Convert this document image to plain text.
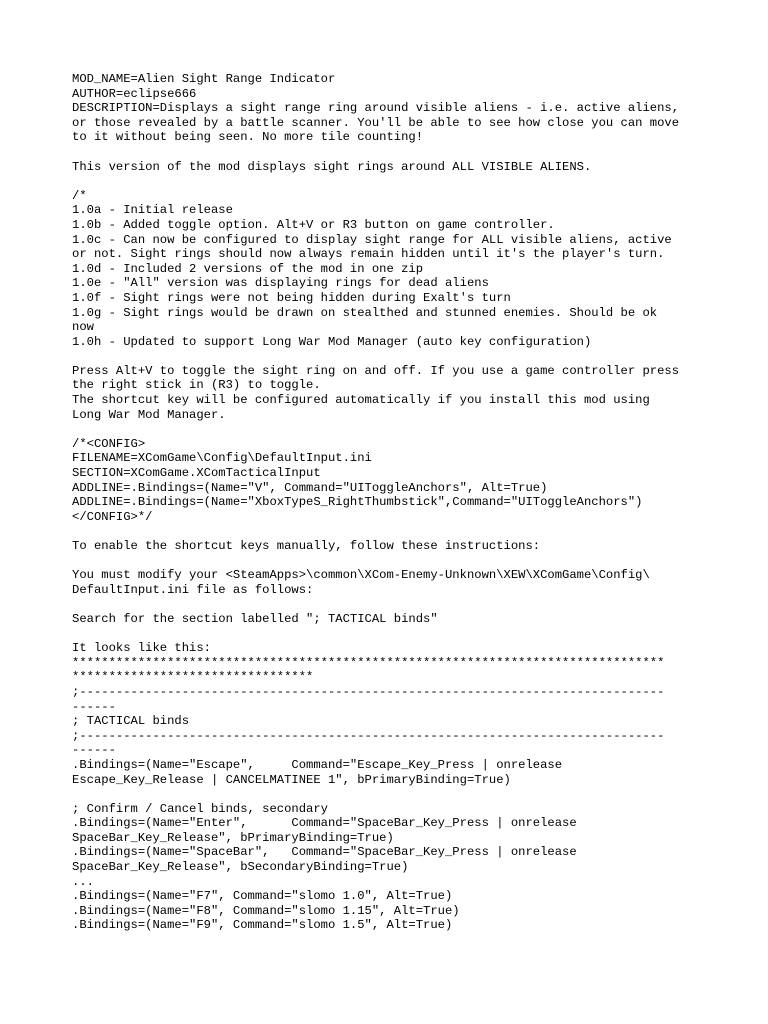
MOD_NAME=Alien Sight Range Indicator
AUTHOR=eclipse666
DESCRIPTION=Displays a sight range ring around visible aliens - i.e. active aliens,
or those revealed by a battle scanner. You'll be able to see how close you can move
to it without being seen. No more tile counting!
This version of the mod displays sight rings around ALL VISIBLE ALIENS.
/*
1.0a - Initial release
1.0b - Added toggle option. Alt+V or R3 button on game controller.
1.0c - Can now be configured to display sight range for ALL visible aliens, active
or not. Sight rings should now always remain hidden until it's the player's turn.
1.0d - Included 2 versions of the mod in one zip
1.0e - "All" version was displaying rings for dead aliens
1.0f - Sight rings were not being hidden during Exalt's turn
1.0g - Sight rings would be drawn on stealthed and stunned enemies. Should be ok
now
1.0h - Updated to support Long War Mod Manager (auto key configuration)
Press Alt+V to toggle the sight ring on and off. If you use a game controller press
the right stick in (R3) to toggle.
The shortcut key will be configured automatically if you install this mod using
Long War Mod Manager.
/*<CONFIG>
FILENAME=XComGame\Config\DefaultInput.ini
SECTION=XComGame.XComTacticalInput
ADDLINE=.Bindings=(Name="V", Command="UIToggleAnchors", Alt=True)
ADDLINE=.Bindings=(Name="XboxTypeS_RightThumbstick",Command="UIToggleAnchors")
</CONFIG>*/
To enable the shortcut keys manually, follow these instructions:
You must modify your <SteamApps>\common\XCom-Enemy-Unknown\XEW\XComGame\Config\
DefaultInput.ini file as follows:
Search for the section labelled "; TACTICAL binds"
It looks like this:
*********************************************************************************
*********************************
;--------------------------------------------------------------------------------
------
; TACTICAL binds
;--------------------------------------------------------------------------------
------
.Bindings=(Name="Escape",     Command="Escape_Key_Press | onrelease
Escape_Key_Release | CANCELMATINEE 1", bPrimaryBinding=True)
; Confirm / Cancel binds, secondary
.Bindings=(Name="Enter",      Command="SpaceBar_Key_Press | onrelease
SpaceBar_Key_Release", bPrimaryBinding=True)
.Bindings=(Name="SpaceBar",   Command="SpaceBar_Key_Press | onrelease
SpaceBar_Key_Release", bSecondaryBinding=True)
...
.Bindings=(Name="F7", Command="slomo 1.0", Alt=True)
.Bindings=(Name="F8", Command="slomo 1.15", Alt=True)
.Bindings=(Name="F9", Command="slomo 1.5", Alt=True)
